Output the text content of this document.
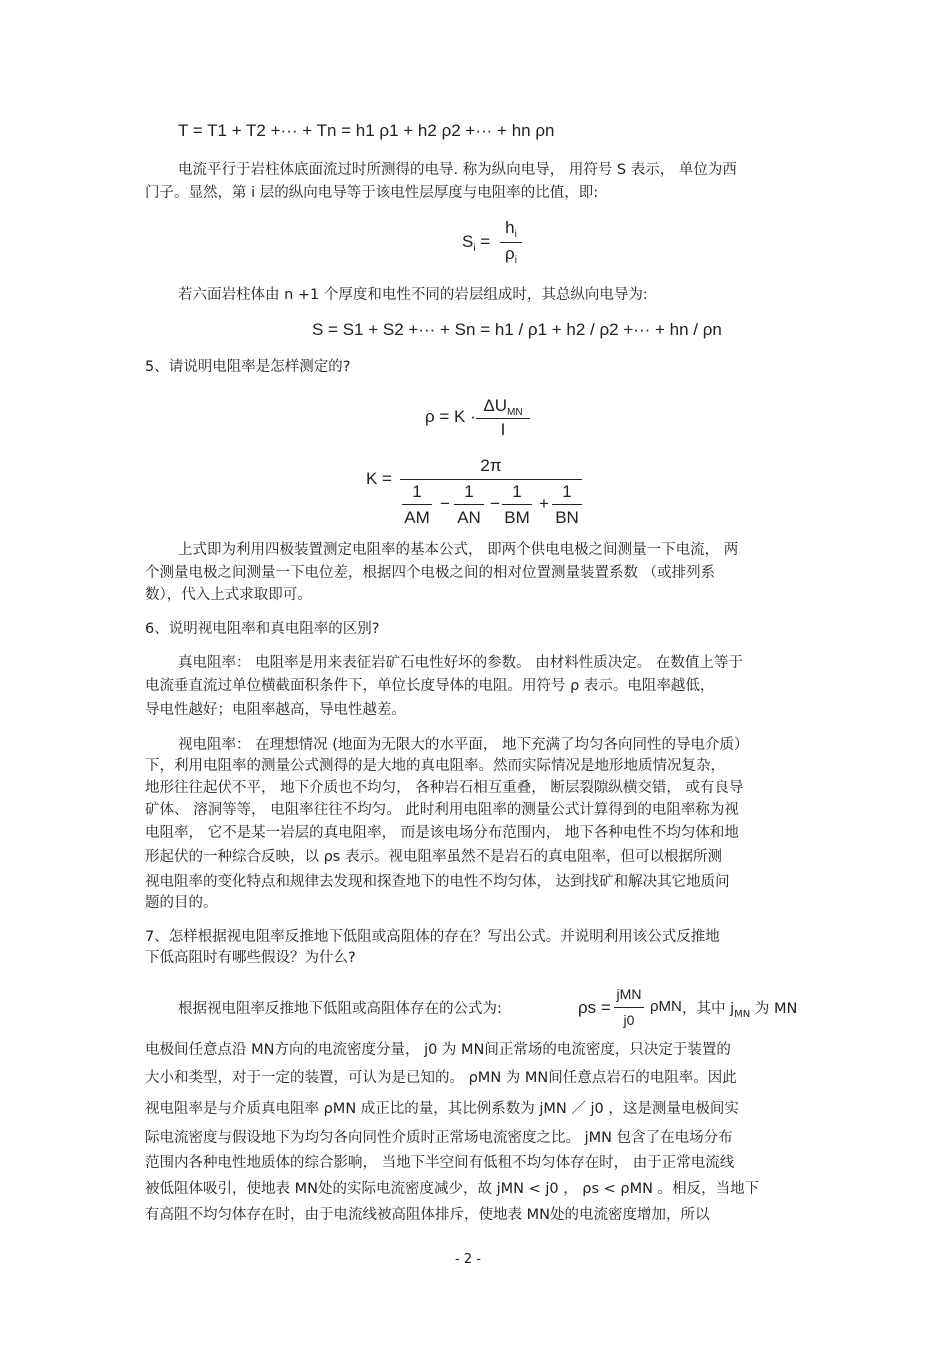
T = T1 + T2 +··· + Tn = h1 ρ1 + h2 ρ2 +··· + hn ρn
电流平行于岩柱体底面流过时所测得的电导. 称为纵向电导， 用符号 S 表示， 单位为西
门子。显然，第 i 层的纵向电导等于该电性层厚度与电阻率的比值，即:
$S_i$ =
$h_i$
$\rho_i$
若六面岩柱体由 n +1 个厚度和电性不同的岩层组成时，其总纵向电导为:
S = S1 + S2 +··· + Sn = h1 / ρ1 + h2 / ρ2 +··· + hn / ρn
5、请说明电阻率是怎样测定的?
ρ = K ·
$\Delta U_{MN}$
I
K =
2π
1
AM
−
1
AN
−
1
BM
+
1
BN
上式即为利用四极装置测定电阻率的基本公式， 即两个供电电极之间测量一下电流， 两
个测量电极之间测量一下电位差，根据四个电极之间的相对位置测量装置系数 （或排列系
数），代入上式求取即可。
6、说明视电阻率和真电阻率的区别?
真电阻率： 电阻率是用来表征岩矿石电性好坏的参数。 由材料性质决定。 在数值上等于
电流垂直流过单位横截面积条件下，单位长度导体的电阻。用符号 ρ 表示。电阻率越低，
导电性越好；电阻率越高，导电性越差。
视电阻率： 在理想情况 (地面为无限大的水平面， 地下充满了均匀各向同性的导电介质）
下，利用电阻率的测量公式测得的是大地的真电阻率。然而实际情况是地形地质情况复杂，
地形往往起伏不平， 地下介质也不均匀， 各种岩石相互重叠， 断层裂隙纵横交错， 或有良导
矿体、 溶洞等等， 电阻率往往不均匀。 此时利用电阻率的测量公式计算得到的电阻率称为视
电阻率， 它不是某一岩层的真电阻率， 而是该电场分布范围内， 地下各种电性不均匀体和地
形起伏的一种综合反映，以 ρs 表示。视电阻率虽然不是岩石的真电阻率，但可以根据所测
视电阻率的变化特点和规律去发现和探查地下的电性不均匀体， 达到找矿和解决其它地质问
题的目的。
7、怎样根据视电阻率反推地下低阻或高阻体的存在？写出公式。并说明利用该公式反推地
下低高阻时有哪些假设？为什么?
根据视电阻率反推地下低阻或高阻体存在的公式为:	ρs =
jMN
j0
ρMN ，其中 $j_{MN}$ 为 MN
电极间任意点沿 MN方向的电流密度分量， j0 为 MN间正常场的电流密度，只决定于装置的
大小和类型，对于一定的装置，可认为是已知的。 ρMN 为 MN间任意点岩石的电阻率。因此
视电阻率是与介质真电阻率 ρMN 成正比的量，其比例系数为 jMN ／ j0 ，这是测量电极间实
际电流密度与假设地下为均匀各向同性介质时正常场电流密度之比。 jMN 包含了在电场分布
范围内各种电性地质体的综合影响， 当地下半空间有低租不均匀体存在时， 由于正常电流线
被低阻体吸引，使地表 MN处的实际电流密度减少，故 jMN < j0 ， ρs < ρMN 。相反，当地下
有高阻不均匀体存在时，由于电流线被高阻体排斥，使地表 MN处的电流密度增加，所以
- 2 -
